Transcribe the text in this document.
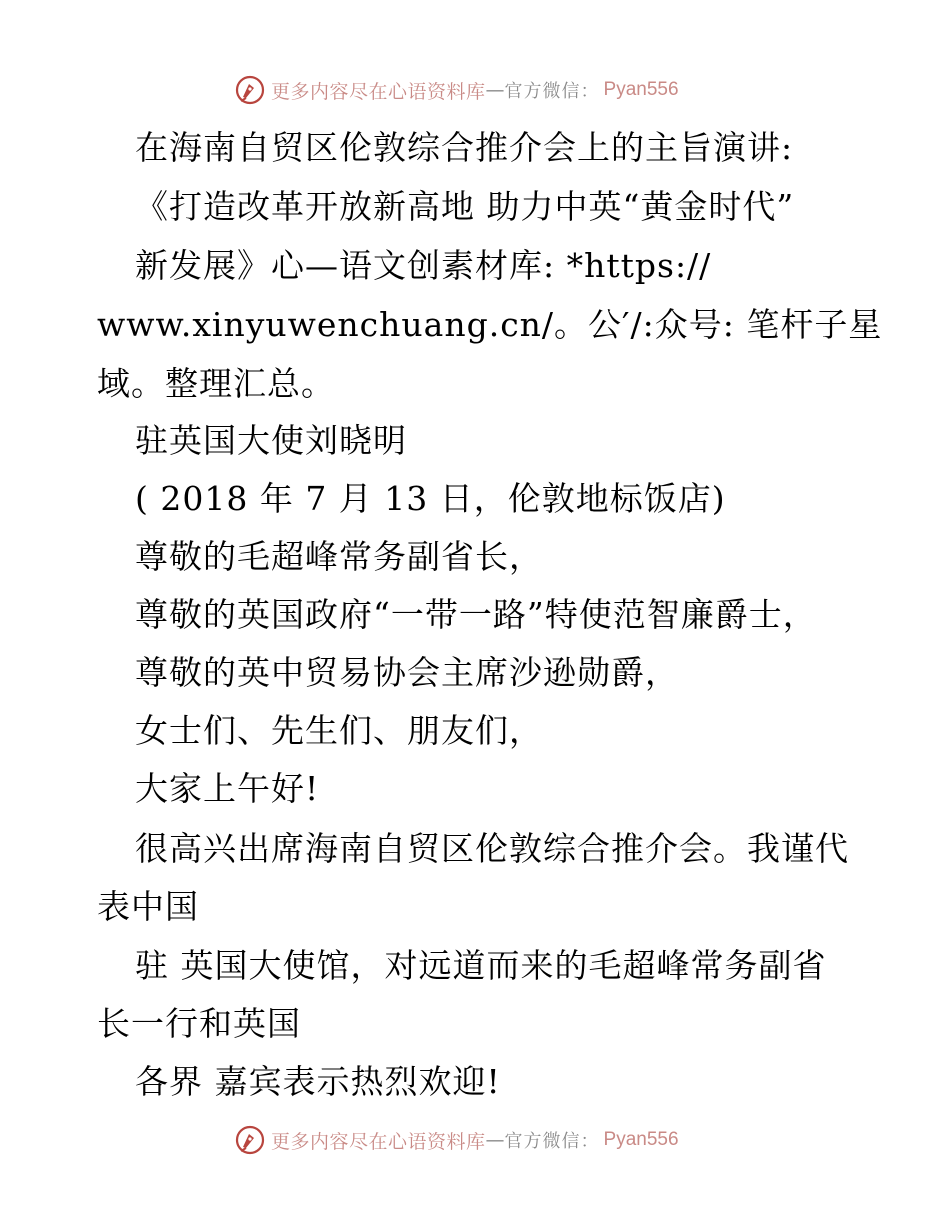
更多内容尽在心语资料库 — 官方微信： Pyan556
在海南自贸区伦敦综合推介会上的主旨演讲:
《打造改革开放新高地 助力中英“黄金时代”
新发展》心—语文创素材库: *https://
www.xinyuwenchuang.cn/。公′/:众号: 笔杆子星
域。整理汇总。
驻英国大使刘晓明
( 2018 年 7 月 13 日，伦敦地标饭店)
尊敬的毛超峰常务副省长，
尊敬的英国政府“一带一路”特使范智廉爵士，
尊敬的英中贸易协会主席沙逊勋爵，
女士们、先生们、朋友们，
大家上午好!
很高兴出席海南自贸区伦敦综合推介会。我谨代
表中国
驻 英国大使馆，对远道而来的毛超峰常务副省
长一行和英国
各界 嘉宾表示热烈欢迎!
更多内容尽在心语资料库 — 官方微信： Pyan556
